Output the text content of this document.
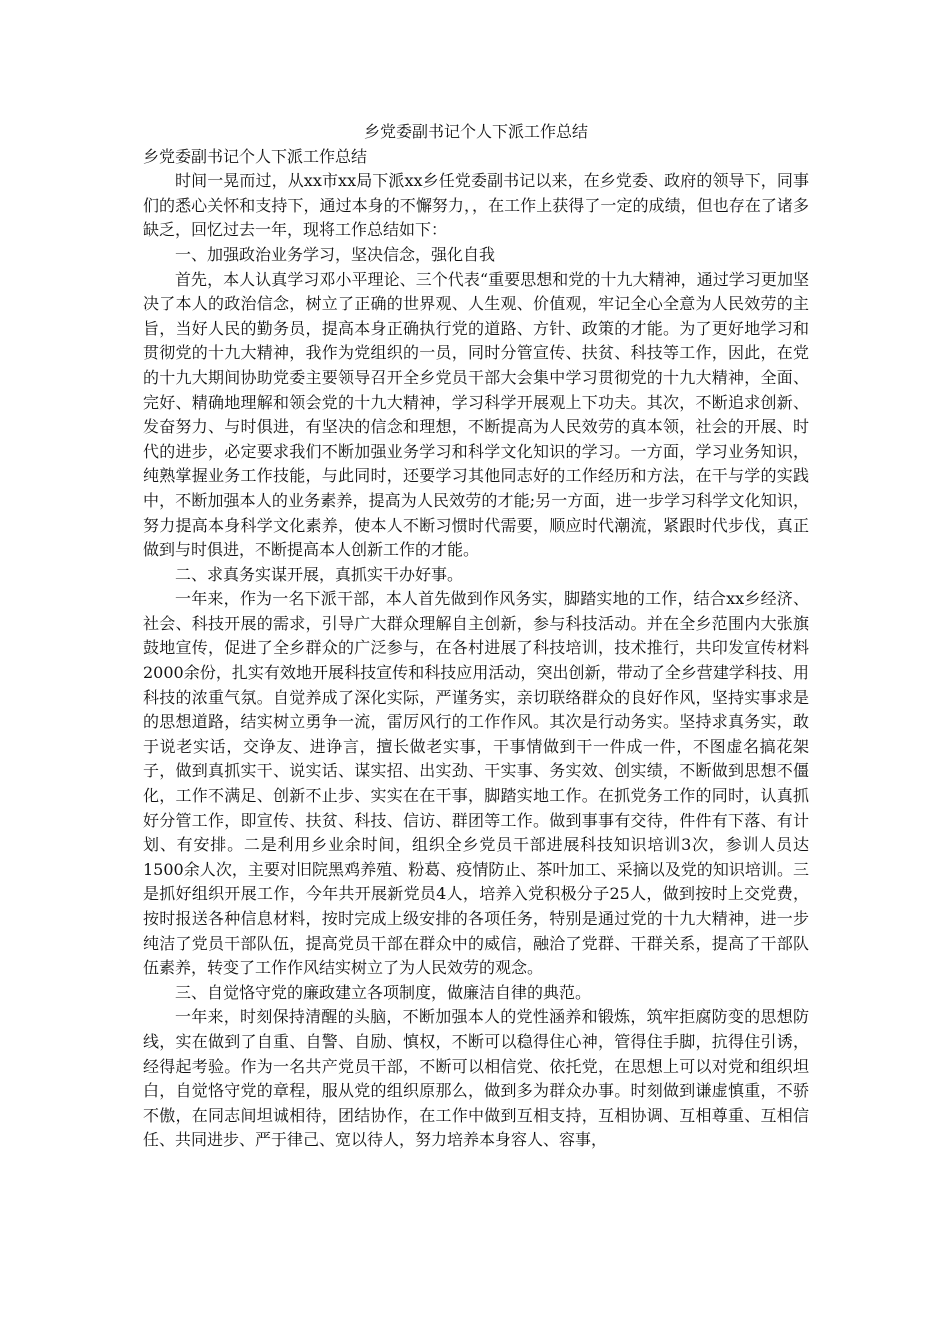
乡党委副书记个人下派工作总结

乡党委副书记个人下派工作总结

时间一晃而过，从xx市xx局下派xx乡任党委副书记以来，在乡党委、政府的领导下，同事们的悉心关怀和支持下，通过本身的不懈努力，，在工作上获得了一定的成绩，但也存在了诸多缺乏，回忆过去一年，现将工作总结如下：

一、加强政治业务学习，坚决信念，强化自我

首先，本人认真学习邓小平理论、三个代表“重要思想和党的十九大精神，通过学习更加坚决了本人的政治信念，树立了正确的世界观、人生观、价值观，牢记全心全意为人民效劳的主旨，当好人民的勤务员，提高本身正确执行党的道路、方针、政策的才能。为了更好地学习和贯彻党的十九大精神，我作为党组织的一员，同时分管宣传、扶贫、科技等工作，因此，在党的十九大期间协助党委主要领导召开全乡党员干部大会集中学习贯彻党的十九大精神，全面、完好、精确地理解和领会党的十九大精神，学习科学开展观上下功夫。其次，不断追求创新、发奋努力、与时俱进，有坚决的信念和理想，不断提高为人民效劳的真本领，社会的开展、时代的进步，必定要求我们不断加强业务学习和科学文化知识的学习。一方面，学习业务知识，纯熟掌握业务工作技能，与此同时，还要学习其他同志好的工作经历和方法，在干与学的实践中，不断加强本人的业务素养，提高为人民效劳的才能;另一方面，进一步学习科学文化知识，努力提高本身科学文化素养，使本人不断习惯时代需要，顺应时代潮流，紧跟时代步伐，真正做到与时俱进，不断提高本人创新工作的才能。

二、求真务实谋开展，真抓实干办好事。

一年来，作为一名下派干部，本人首先做到作风务实，脚踏实地的工作，结合xx乡经济、社会、科技开展的需求，引导广大群众理解自主创新，参与科技活动。并在全乡范围内大张旗鼓地宣传，促进了全乡群众的广泛参与，在各村进展了科技培训，技术推行，共印发宣传材料2000余份，扎实有效地开展科技宣传和科技应用活动，突出创新，带动了全乡营建学科技、用科技的浓重气氛。自觉养成了深化实际，严谨务实，亲切联络群众的良好作风，坚持实事求是的思想道路，结实树立勇争一流，雷厉风行的工作作风。其次是行动务实。坚持求真务实，敢于说老实话，交诤友、进诤言，擅长做老实事，干事情做到干一件成一件，不图虚名搞花架子，做到真抓实干、说实话、谋实招、出实劲、干实事、务实效、创实绩，不断做到思想不僵化，工作不满足、创新不止步、实实在在干事，脚踏实地工作。在抓党务工作的同时，认真抓好分管工作，即宣传、扶贫、科技、信访、群团等工作。做到事事有交待，件件有下落、有计划、有安排。二是利用乡业余时间，组织全乡党员干部进展科技知识培训3次，参训人员达1500余人次，主要对旧院黑鸡养殖、粉葛、疫情防止、茶叶加工、采摘以及党的知识培训。三是抓好组织开展工作，今年共开展新党员4人，培养入党积极分子25人，做到按时上交党费，按时报送各种信息材料，按时完成上级安排的各项任务，特别是通过党的十九大精神，进一步纯洁了党员干部队伍，提高党员干部在群众中的威信，融洽了党群、干群关系，提高了干部队伍素养，转变了工作作风结实树立了为人民效劳的观念。

三、自觉恪守党的廉政建立各项制度，做廉洁自律的典范。

一年来，时刻保持清醒的头脑，不断加强本人的党性涵养和锻炼，筑牢拒腐防变的思想防线，实在做到了自重、自警、自励、慎权，不断可以稳得住心神，管得住手脚，抗得住引诱，经得起考验。作为一名共产党员干部，不断可以相信党、依托党，在思想上可以对党和组织坦白，自觉恪守党的章程，服从党的组织原那么，做到多为群众办事。时刻做到谦虚慎重，不骄不傲，在同志间坦诚相待，团结协作，在工作中做到互相支持，互相协调、互相尊重、互相信任、共同进步、严于律己、宽以待人，努力培养本身容人、容事，
